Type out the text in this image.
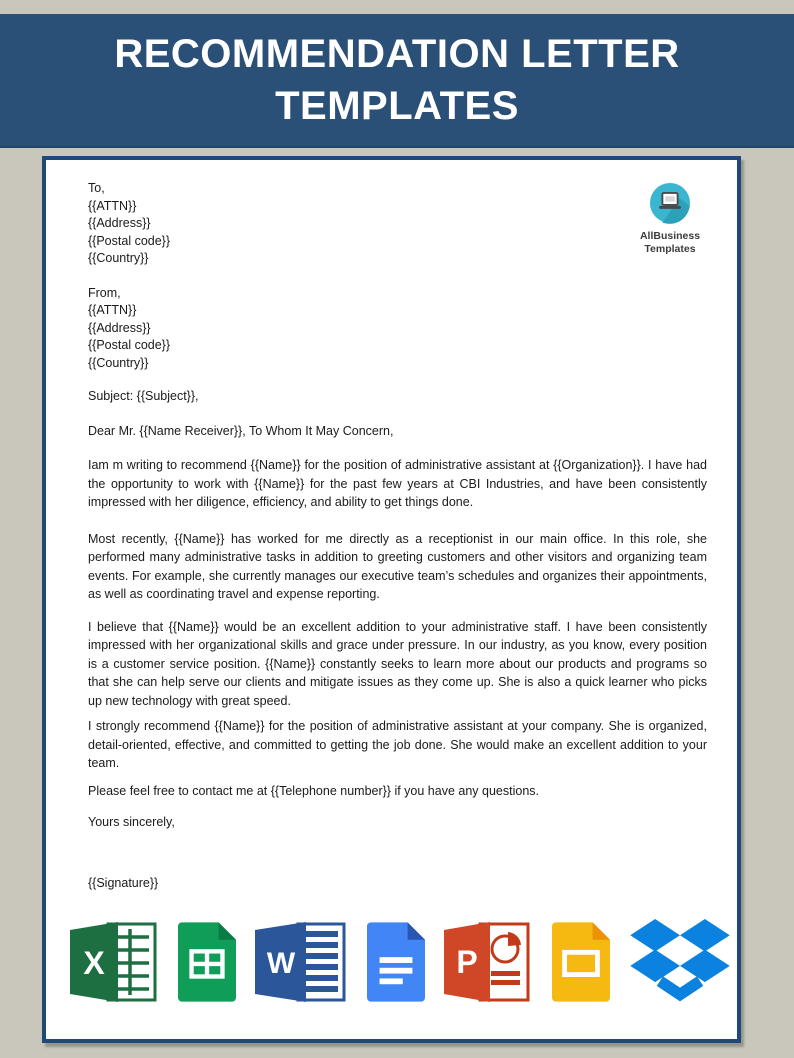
RECOMMENDATION LETTER
TEMPLATES
AllBusiness
Templates
To,
{{ATTN}}
{{Address}}
{{Postal code}}
{{Country}}
From,
{{ATTN}}
{{Address}}
{{Postal code}}
{{Country}}
Subject: {{Subject}},
Dear Mr. {{Name Receiver}}, To Whom It May Concern,

Iam m writing to recommend {{Name}} for the position of administrative assistant at {{Organization}}. I have had the opportunity to work with {{Name}} for the past few years at CBI Industries, and have been consistently impressed with her diligence, efficiency, and ability to get things done.

Most recently, {{Name}} has worked for me directly as a receptionist in our main office. In this role, she performed many administrative tasks in addition to greeting customers and other visitors and organizing team events. For example, she currently manages our executive team’s schedules and organizes their appointments, as well as coordinating travel and expense reporting.

I believe that {{Name}} would be an excellent addition to your administrative staff. I have been consistently impressed with her organizational skills and grace under pressure. In our industry, as you know, every position is a customer service position. {{Name}} constantly seeks to learn more about our products and programs so that she can help serve our clients and mitigate issues as they come up. She is also a quick learner who picks up new technology with great speed.

I strongly recommend {{Name}} for the position of administrative assistant at your company. She is organized, detail-oriented, effective, and committed to getting the job done. She would make an excellent addition to your team.

Please feel free to contact me at {{Telephone number}} if you have any questions.
Yours sincerely,
{{Signature}}
X	W	P
